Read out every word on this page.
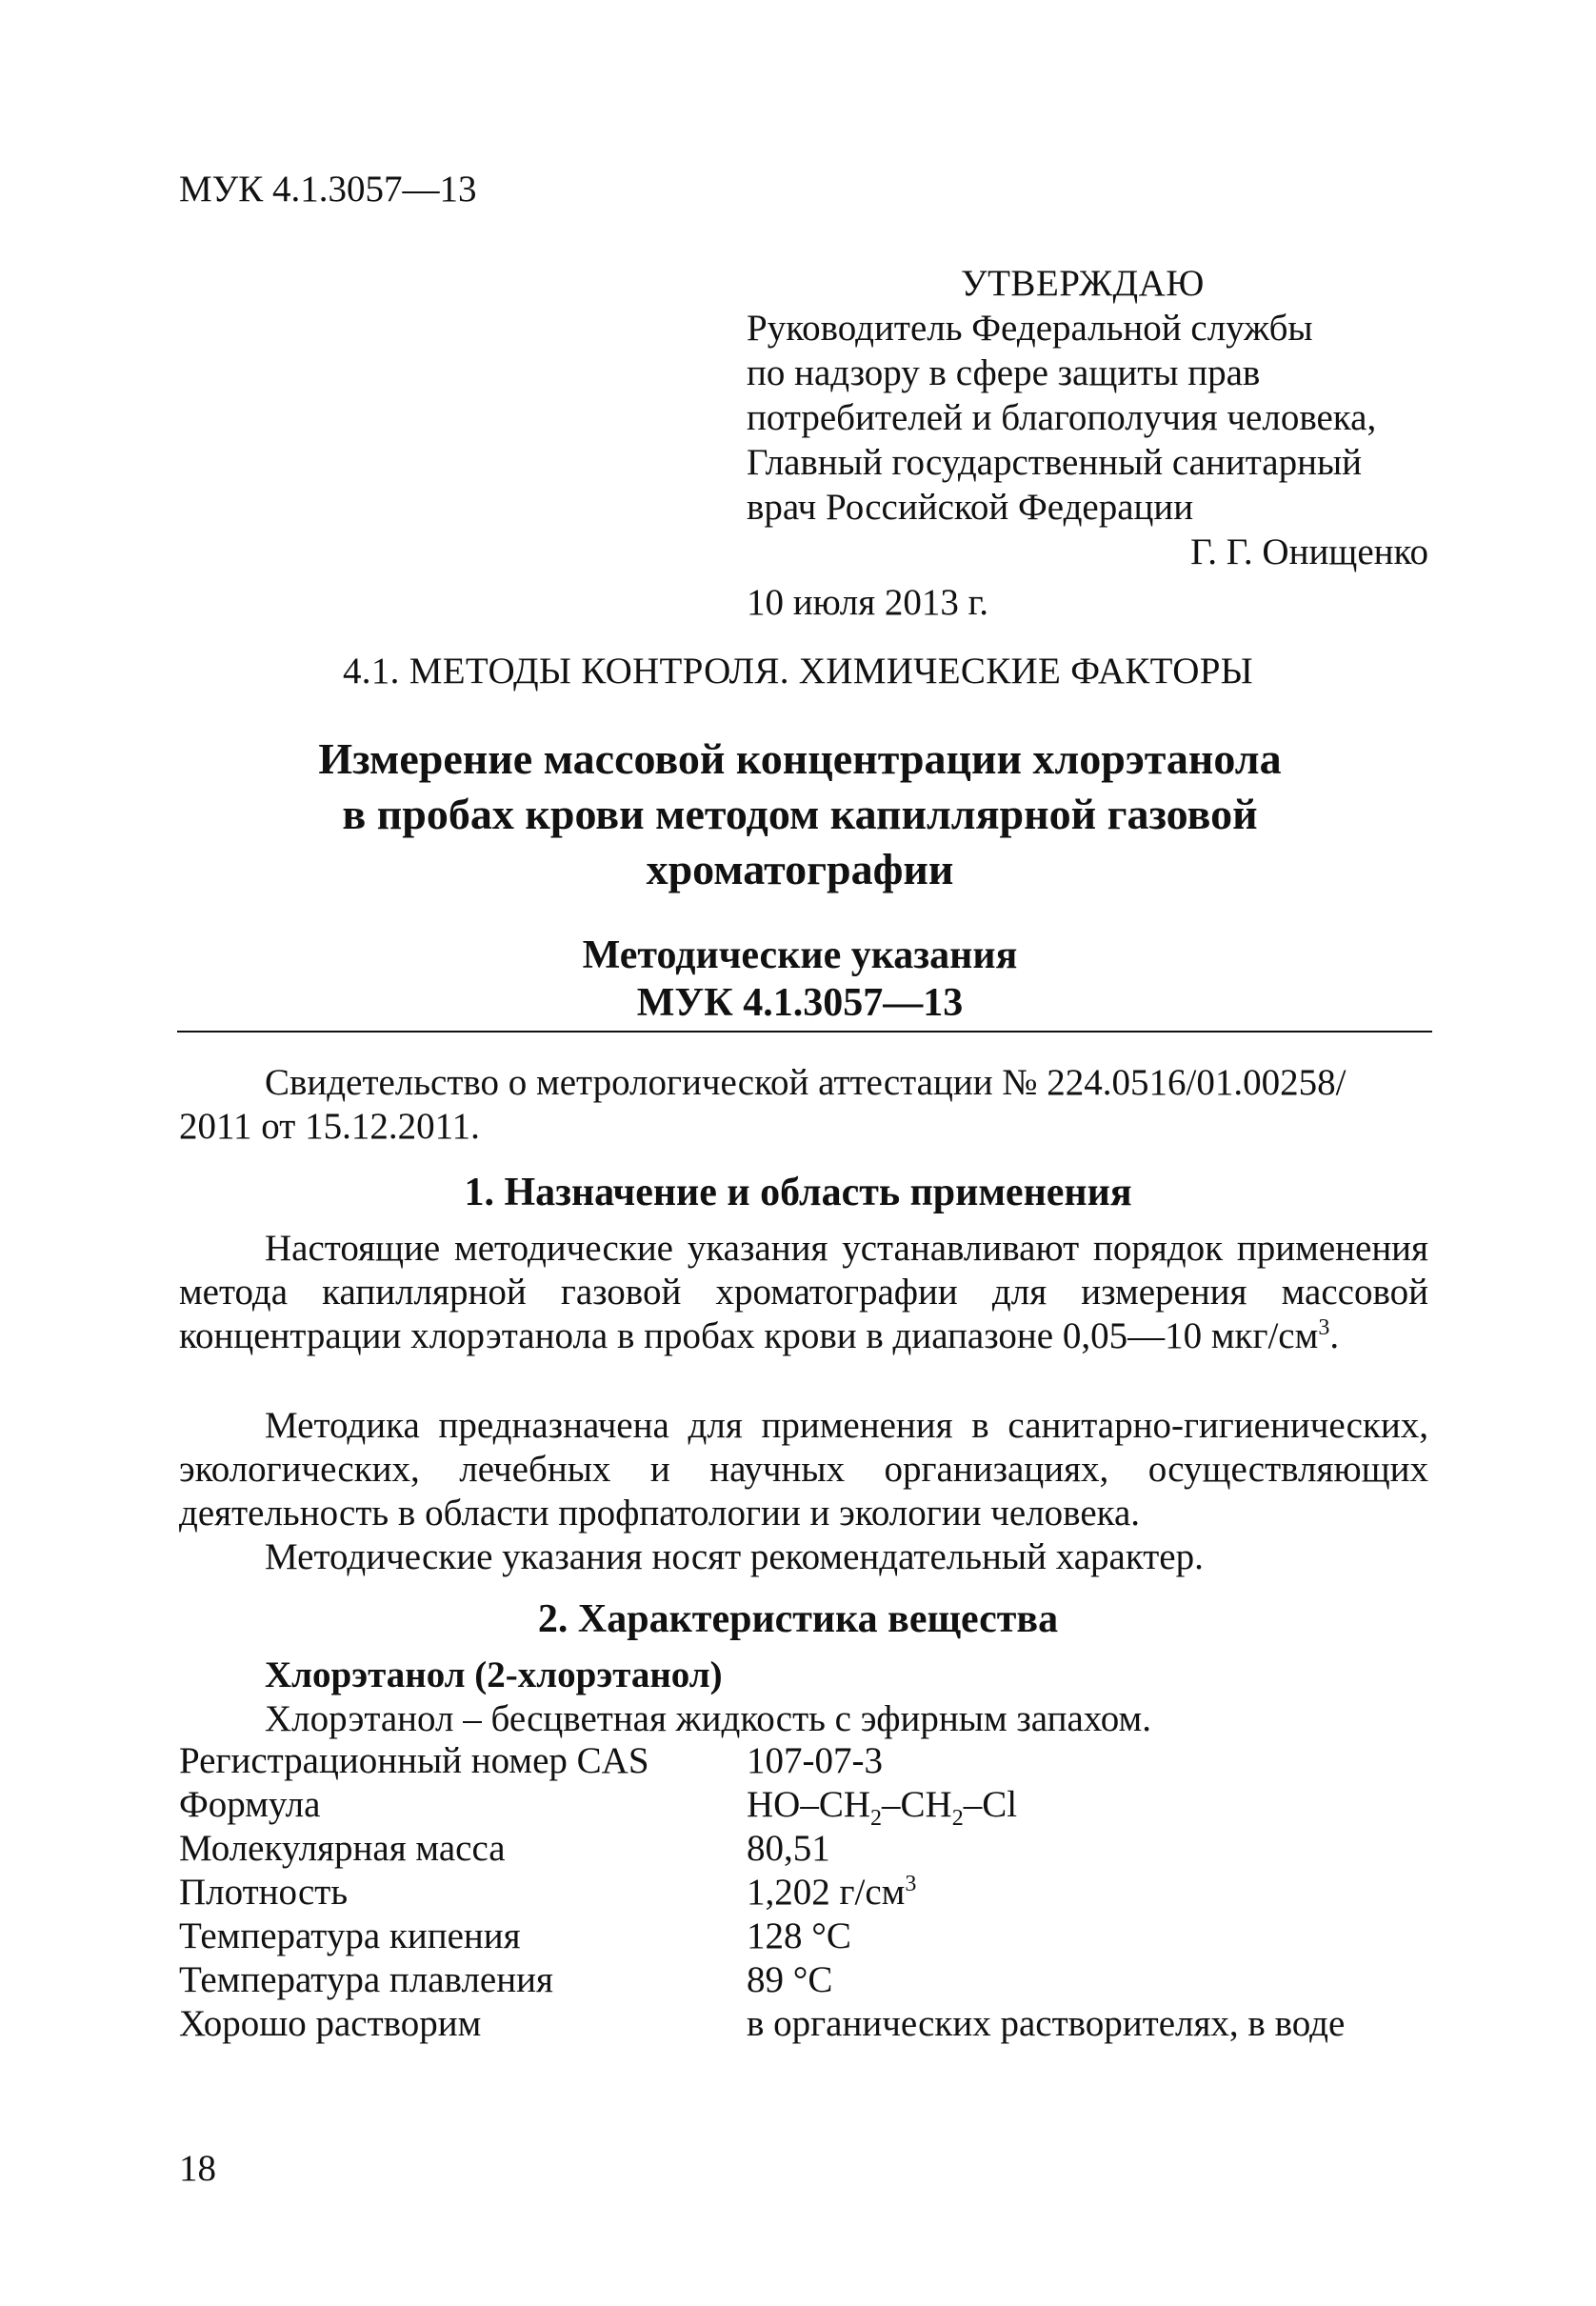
МУК 4.1.3057—13
УТВЕРЖДАЮ
Руководитель Федеральной службы
по надзору в сфере защиты прав
потребителей и благополучия человека,
Главный государственный санитарный
врач Российской Федерации
Г. Г. Онищенко
10 июля 2013 г.
4.1. МЕТОДЫ КОНТРОЛЯ. ХИМИЧЕСКИЕ ФАКТОРЫ
Измерение массовой концентрации хлорэтанола
в пробах крови методом капиллярной газовой
хроматографии
Методические указания
МУК 4.1.3057—13
Свидетельство о метрологической аттестации № 224.0516/01.00258/
2011 от 15.12.2011.
1. Назначение и область применения
Настоящие методические указания устанавливают порядок применения метода капиллярной газовой хроматографии для измерения массовой концентрации хлорэтанола в пробах крови в диапазоне 0,05—10 мкг/$см^3$.
Методика предназначена для применения в санитарно-гигиенических, экологических, лечебных и научных организациях, осуществляющих деятельность в области профпатологии и экологии человека.
Методические указания носят рекомендательный характер.
2. Характеристика вещества
Хлорэтанол (2-хлорэтанол)
Хлорэтанол – бесцветная жидкость с эфирным запахом.
Регистрационный номер CAS	107-07-3
Формула	$HO-CH_2-CH_2-Cl$
Молекулярная масса	80,51
Плотность	1,202 $г/см^3$
Температура кипения	128 °С
Температура плавления	89 °С
Хорошо растворим	в органических растворителях, в воде
18
